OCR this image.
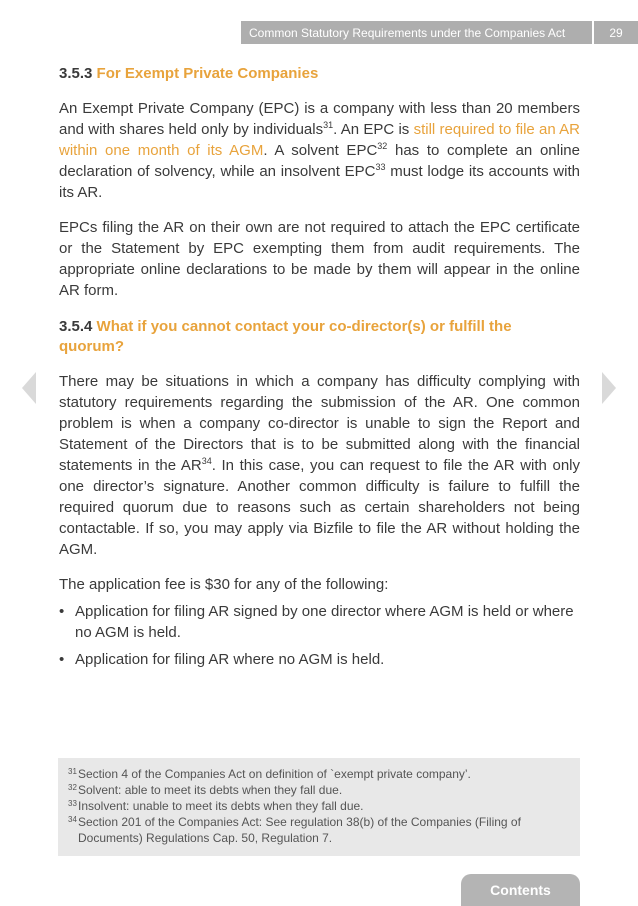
Common Statutory Requirements under the Companies Act	29
3.5.3 For Exempt Private Companies

An Exempt Private Company (EPC) is a company with less than 20 members and with shares held only by individuals$^{31}$. An EPC is still required to file an AR within one month of its AGM. A solvent EPC$^{32}$ has to complete an online declaration of solvency, while an insolvent EPC$^{33}$ must lodge its accounts with its AR.

EPCs filing the AR on their own are not required to attach the EPC certificate or the Statement by EPC exempting them from audit requirements. The appropriate online declarations to be made by them will appear in the online AR form.

3.5.4 What if you cannot contact your co-director(s) or fulfill the quorum?

There may be situations in which a company has difficulty complying with statutory requirements regarding the submission of the AR. One common problem is when a company co-director is unable to sign the Report and Statement of the Directors that is to be submitted along with the financial statements in the AR$^{34}$. In this case, you can request to file the AR with only one director’s signature. Another common difficulty is failure to fulfill the required quorum due to reasons such as certain shareholders not being contactable. If so, you may apply via Bizfile to file the AR without holding the AGM.

The application fee is $30 for any of the following:

• Application for filing AR signed by one director where AGM is held or where no AGM is held.
• Application for filing AR where no AGM is held.
31 Section 4 of the Companies Act on definition of `exempt private company’.
32 Solvent: able to meet its debts when they fall due.
33 Insolvent: unable to meet its debts when they fall due.
34 Section 201 of the Companies Act: See regulation 38(b) of the Companies (Filing of Documents) Regulations Cap. 50, Regulation 7.
Contents
